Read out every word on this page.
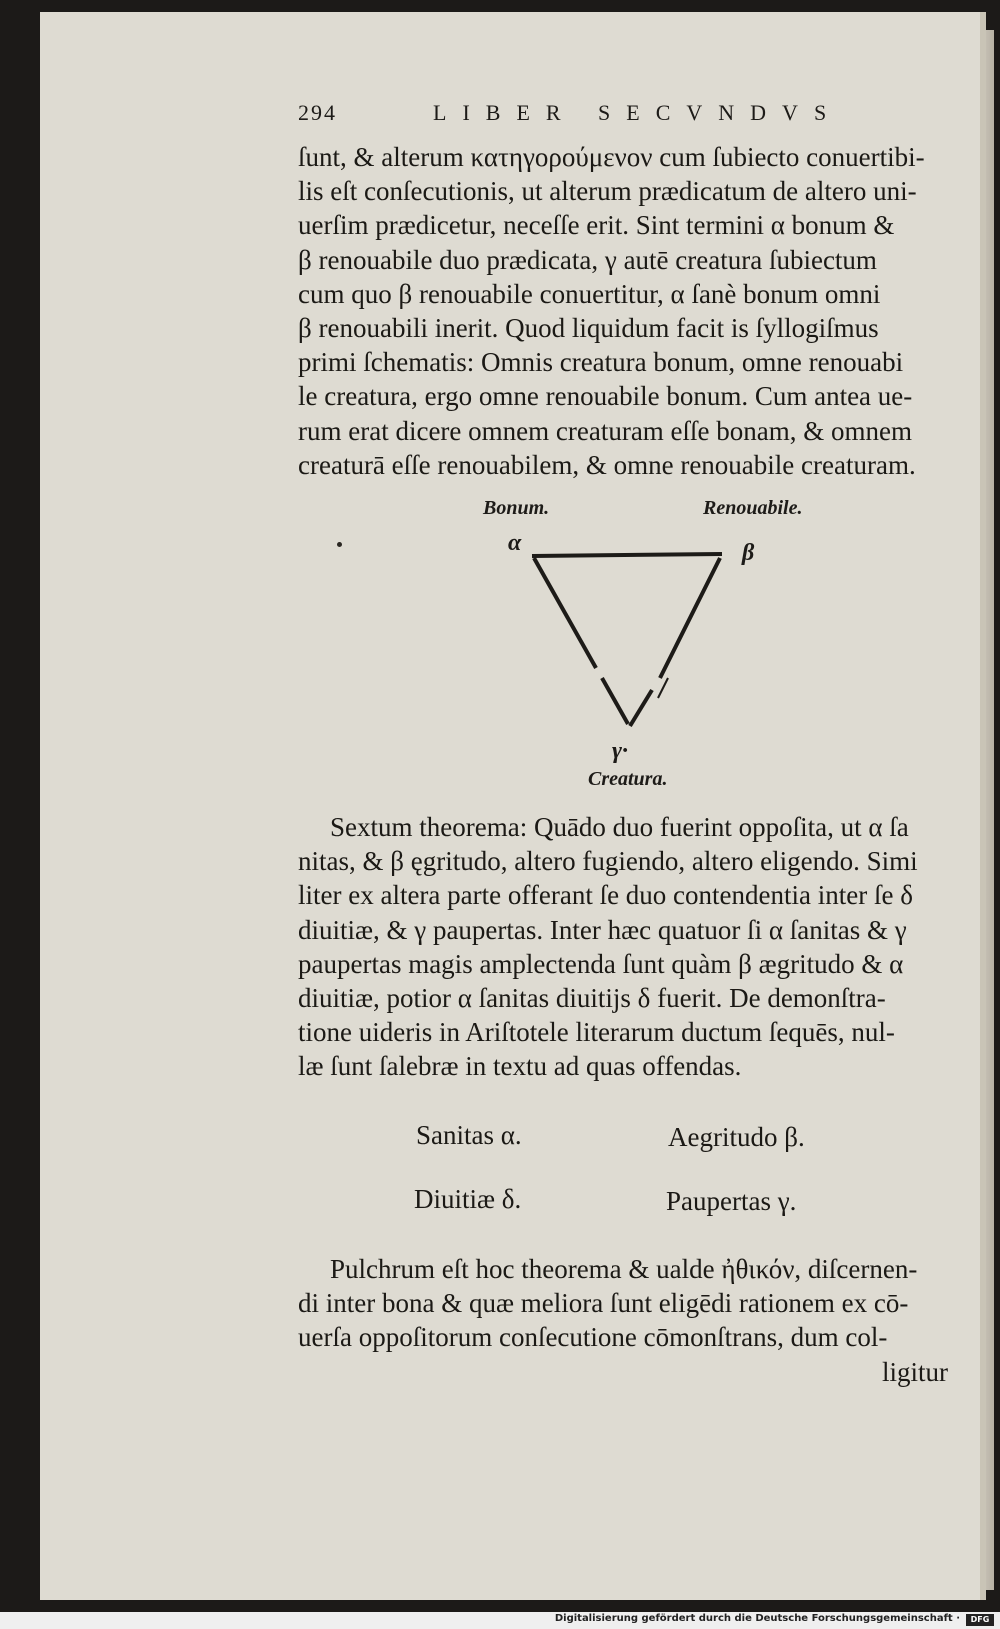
294	LIBER SECVNDVS
ſunt, & alterum κατηγορούμενον cum ſubiecto conuertibi-
lis eſt conſecutionis, ut alterum prædicatum de altero uni-
uerſim prædicetur, neceſſe erit. Sint termini α bonum &
β renouabile duo prædicata, γ autē creatura ſubiectum
cum quo β renouabile conuertitur, α ſanè bonum omni
β renouabili inerit. Quod liquidum facit is ſyllogiſmus
primi ſchematis: Omnis creatura bonum, omne renouabi
le creatura, ergo omne renouabile bonum. Cum antea ue-
rum erat dicere omnem creaturam eſſe bonam, & omnem
creaturā eſſe renouabilem, & omne renouabile creaturam.
Bonum.	Renouabile.
α	β
γ·
Creatura.
Sextum theorema: Quādo duo fuerint oppoſita, ut α ſa
nitas, & β ęgritudo, altero fugiendo, altero eligendo. Simi
liter ex altera parte offerant ſe duo contendentia inter ſe δ
diuitiæ, & γ paupertas. Inter hæc quatuor ſi α ſanitas & γ
paupertas magis amplectenda ſunt quàm β ægritudo & α
diuitiæ, potior α ſanitas diuitijs δ fuerit. De demonſtra-
tione uideris in Ariſtotele literarum ductum ſequēs, nul-
læ ſunt ſalebræ in textu ad quas offendas.
Sanitas α.	Aegritudo β.
Diuitiæ δ.	Paupertas γ.
Pulchrum eſt hoc theorema & ualde ἠθικόν, diſcernen-
di inter bona & quæ meliora ſunt eligēdi rationem ex cō-
uerſa oppoſitorum conſecutione cōmonſtrans, dum col-
ligitur
Digitalisierung gefördert durch die Deutsche Forschungsgemeinschaft ·	DFG
